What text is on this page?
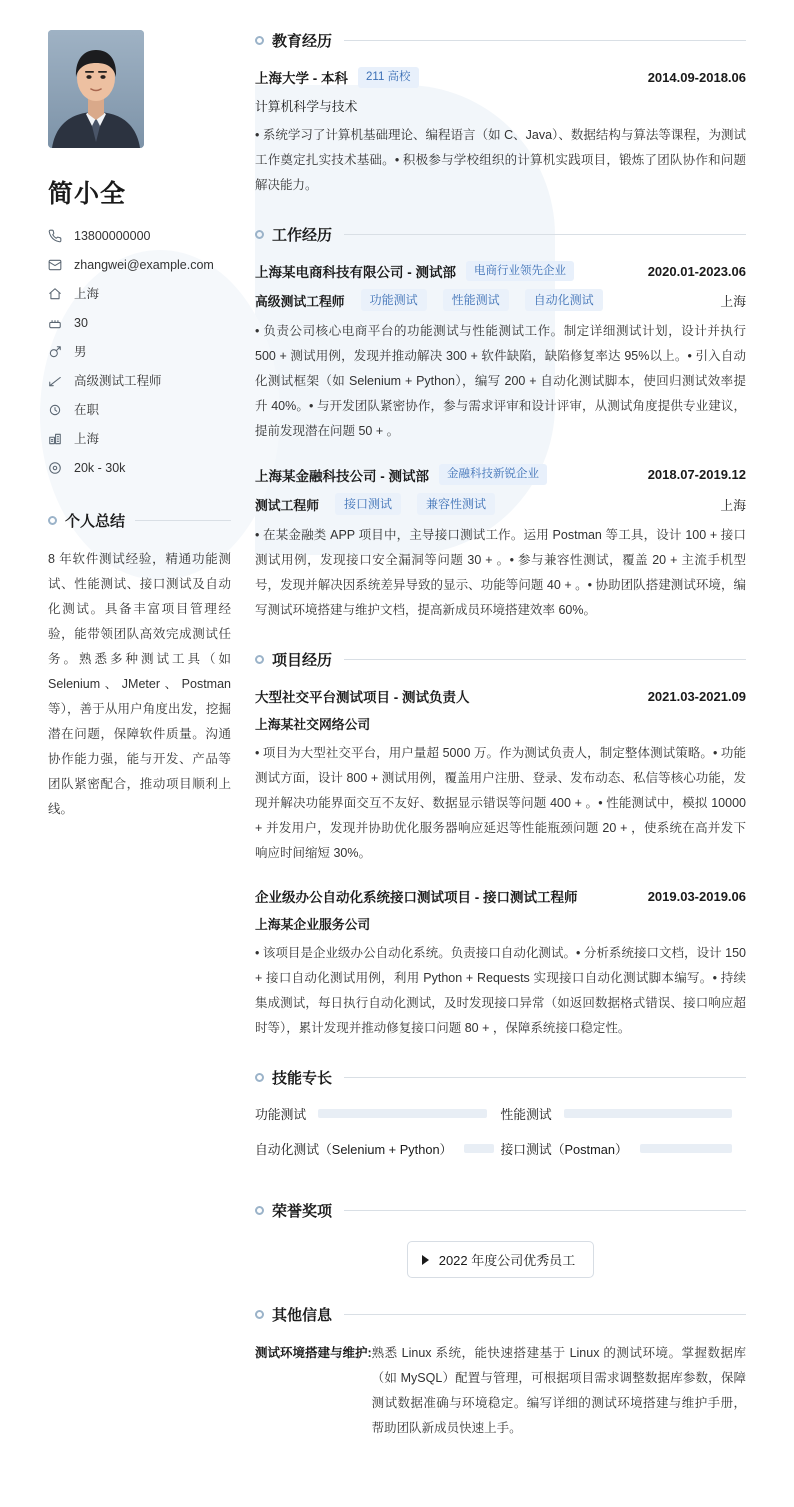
简小全
13800000000
zhangwei@example.com
上海
30
男
高级测试工程师
在职
上海
20k - 30k
个人总结
8 年软件测试经验，精通功能测试、性能测试、接口测试及自动化测试。具备丰富项目管理经验，能带领团队高效完成测试任务。熟悉多种测试工具（如 Selenium、JMeter、Postman 等），善于从用户角度出发，挖掘潜在问题，保障软件质量。沟通协作能力强，能与开发、产品等团队紧密配合，推动项目顺利上线。
教育经历
上海大学 - 本科	211 高校	2014.09-2018.06
计算机科学与技术
• 系统学习了计算机基础理论、编程语言（如 C、Java）、数据结构与算法等课程，为测试工作奠定扎实技术基础。• 积极参与学校组织的计算机实践项目，锻炼了团队协作和问题解决能力。
工作经历
上海某电商科技有限公司 - 测试部	电商行业领先企业	2020.01-2023.06
高级测试工程师	功能测试	性能测试	自动化测试	上海
• 负责公司核心电商平台的功能测试与性能测试工作。制定详细测试计划，设计并执行 500 + 测试用例，发现并推动解决 300 + 软件缺陷，缺陷修复率达 95%以上。• 引入自动化测试框架（如 Selenium + Python），编写 200 + 自动化测试脚本，使回归测试效率提升 40%。• 与开发团队紧密协作，参与需求评审和设计评审，从测试角度提供专业建议，提前发现潜在问题 50 + 。
上海某金融科技公司 - 测试部	金融科技新锐企业	2018.07-2019.12
测试工程师	接口测试	兼容性测试	上海
• 在某金融类 APP 项目中，主导接口测试工作。运用 Postman 等工具，设计 100 + 接口测试用例，发现接口安全漏洞等问题 30 + 。• 参与兼容性测试，覆盖 20 + 主流手机型号，发现并解决因系统差异导致的显示、功能等问题 40 + 。• 协助团队搭建测试环境，编写测试环境搭建与维护文档，提高新成员环境搭建效率 60%。
项目经历
大型社交平台测试项目 - 测试负责人	2021.03-2021.09
上海某社交网络公司
• 项目为大型社交平台，用户量超 5000 万。作为测试负责人，制定整体测试策略。• 功能测试方面，设计 800 + 测试用例，覆盖用户注册、登录、发布动态、私信等核心功能，发现并解决功能界面交互不友好、数据显示错误等问题 400 + 。• 性能测试中，模拟 10000 + 并发用户，发现并协助优化服务器响应延迟等性能瓶颈问题 20 + ，使系统在高并发下响应时间缩短 30%。
企业级办公自动化系统接口测试项目 - 接口测试工程师	2019.03-2019.06
上海某企业服务公司
• 该项目是企业级办公自动化系统。负责接口自动化测试。• 分析系统接口文档，设计 150 + 接口自动化测试用例，利用 Python + Requests 实现接口自动化测试脚本编写。• 持续集成测试，每日执行自动化测试，及时发现接口异常（如返回数据格式错误、接口响应超时等），累计发现并推动修复接口问题 80 + ，保障系统接口稳定性。
技能专长
功能测试	性能测试
自动化测试（Selenium + Python）	接口测试（Postman）
荣誉奖项
2022 年度公司优秀员工
其他信息
测试环境搭建与维护: 熟悉 Linux 系统，能快速搭建基于 Linux 的测试环境。掌握数据库（如 MySQL）配置与管理，可根据项目需求调整数据库参数，保障测试数据准确与环境稳定。编写详细的测试环境搭建与维护手册，帮助团队新成员快速上手。
